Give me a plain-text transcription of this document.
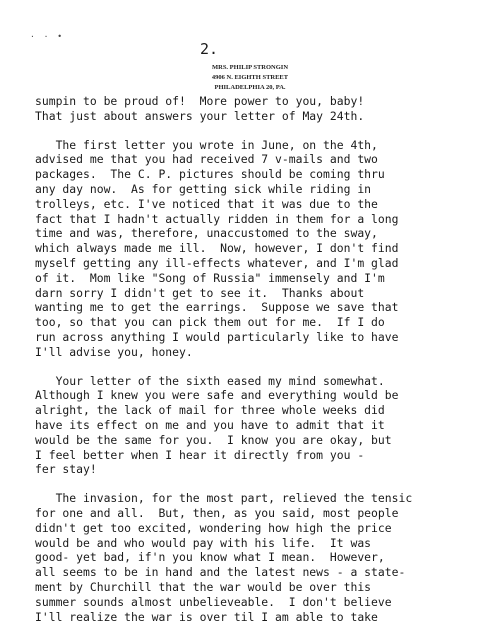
· · •
2.
MRS. PHILIP STRONGIN
4906 N. EIGHTH STREET
PHILADELPHIA 20, PA.
sumpin to be proud of!  More power to you, baby!
That just about answers your letter of May 24th.
The first letter you wrote in June, on the 4th,
advised me that you had received 7 v-mails and two
packages.  The C. P. pictures should be coming thru
any day now.  As for getting sick while riding in
trolleys, etc. I've noticed that it was due to the
fact that I hadn't actually ridden in them for a long
time and was, therefore, unaccustomed to the sway,
which always made me ill.  Now, however, I don't find
myself getting any ill-effects whatever, and I'm glad
of it.  Mom like "Song of Russia" immensely and I'm
darn sorry I didn't get to see it.  Thanks about
wanting me to get the earrings.  Suppose we save that
too, so that you can pick them out for me.  If I do
run across anything I would particularly like to have
I'll advise you, honey.
Your letter of the sixth eased my mind somewhat.
Although I knew you were safe and everything would be
alright, the lack of mail for three whole weeks did
have its effect on me and you have to admit that it
would be the same for you.  I know you are okay, but
I feel better when I hear it directly from you -
fer stay!
The invasion, for the most part, relieved the tensic
for one and all.  But, then, as you said, most people
didn't get too excited, wondering how high the price
would be and who would pay with his life.  It was
good- yet bad, if'n you know what I mean.  However,
all seems to be in hand and the latest news - a state-
ment by Churchill that the war would be over this
summer sounds almost unbelieveable.  I don't believe
I'll realize the war is over til I am able to take
